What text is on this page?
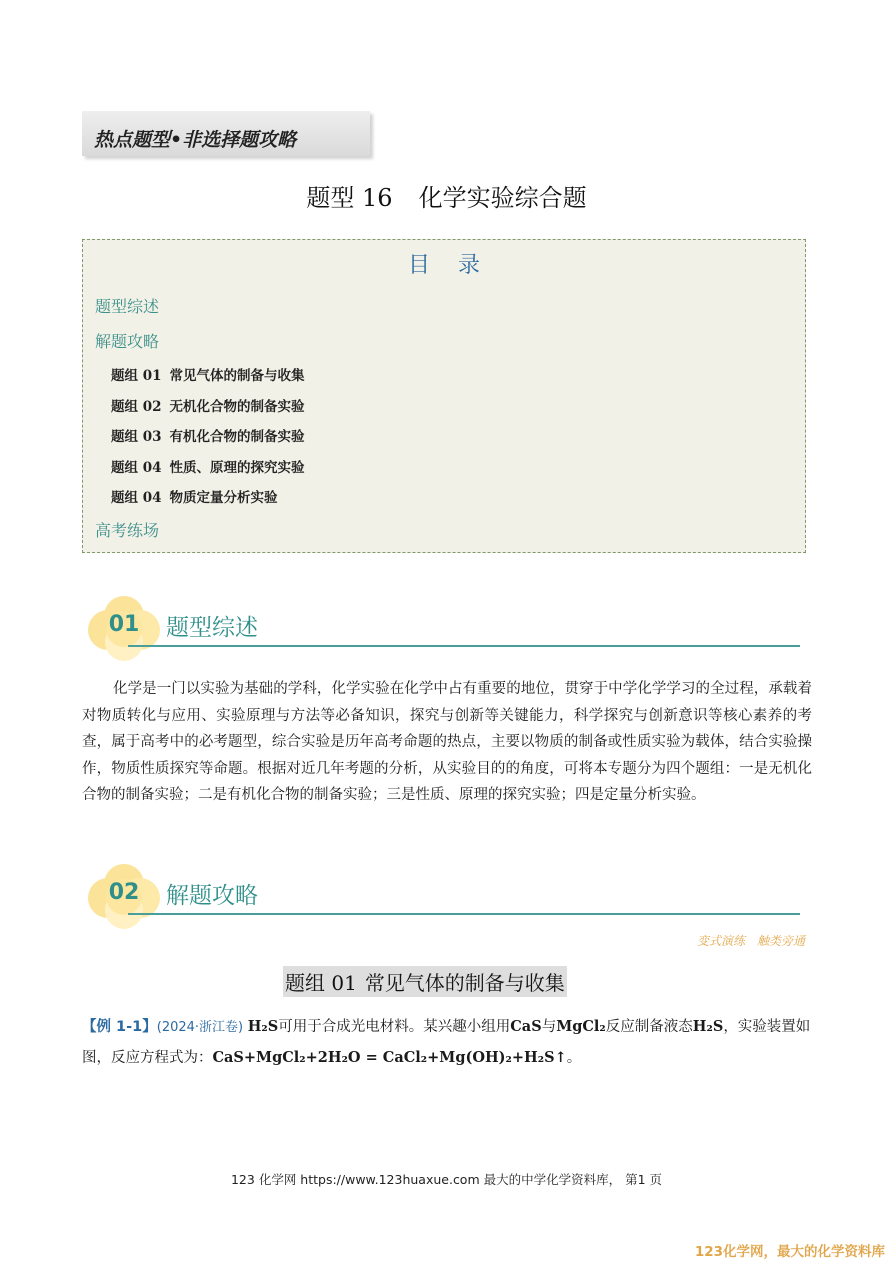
热点题型•非选择题攻略
题型 16 化学实验综合题
目录
题型综述
解题攻略
题组 01 常见气体的制备与收集
题组 02 无机化合物的制备实验
题组 03 有机化合物的制备实验
题组 04 性质、原理的探究实验
题组 04 物质定量分析实验
高考练场
01	题型综述
化学是一门以实验为基础的学科，化学实验在化学中占有重要的地位，贯穿于中学化学学习的全过程，承载着对物质转化与应用、实验原理与方法等必备知识，探究与创新等关键能力，科学探究与创新意识等核心素养的考查，属于高考中的必考题型，综合实验是历年高考命题的热点，主要以物质的制备或性质实验为载体，结合实验操作，物质性质探究等命题。根据对近几年考题的分析，从实验目的的角度，可将本专题分为四个题组：一是无机化合物的制备实验；二是有机化合物的制备实验；三是性质、原理的探究实验；四是定量分析实验。
02	解题攻略
变式演练 触类旁通
题组 01 常见气体的制备与收集
【例 1-1】(2024·浙江卷) H₂S可用于合成光电材料。某兴趣小组用CaS与MgCl₂反应制备液态H₂S，实验装置如图，反应方程式为：CaS+MgCl₂+2H₂O = CaCl₂+Mg(OH)₂+H₂S↑。
123 化学网 https://www.123huaxue.com 最大的中学化学资料库， 第1 页
123化学网，最大的化学资料库
